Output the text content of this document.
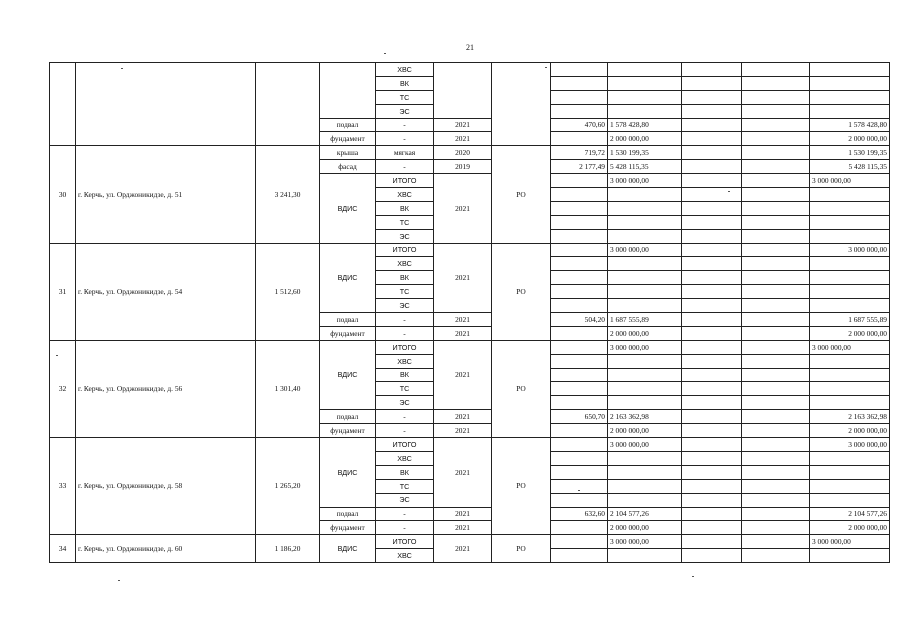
21
				ХВС							
				ВК							
				ТС							
				ЭС							
			подвал	-	2021		470,60	1 578 428,80			1 578 428,80
			фундамент	-	2021			2 000 000,00			2 000 000,00
30	г. Керчь, ул. Орджоникидзе, д. 51	3 241,30	крыша	мягкая	2020	РО	719,72	1 530 199,35			1 530 199,35
			фасад	-	2019		2 177,49	5 428 115,35			5 428 115,35
			ВДИС	ИТОГО	2021			3 000 000,00			3 000 000,00
				ХВС							
				ВК							
				ТС							
				ЭС							
31	г. Керчь, ул. Орджоникидзе, д. 54	1 512,60	ВДИС	ИТОГО	2021	РО		3 000 000,00			3 000 000,00
				ХВС							
				ВК							
				ТС							
				ЭС							
			подвал	-	2021		504,20	1 687 555,89			1 687 555,89
			фундамент	-	2021			2 000 000,00			2 000 000,00
32	г. Керчь, ул. Орджоникидзе, д. 56	1 301,40	ВДИС	ИТОГО	2021	РО		3 000 000,00			3 000 000,00
				ХВС							
				ВК							
				ТС							
				ЭС							
			подвал	-	2021		650,70	2 163 362,98			2 163 362,98
			фундамент	-	2021			2 000 000,00			2 000 000,00
33	г. Керчь, ул. Орджоникидзе, д. 58	1 265,20	ВДИС	ИТОГО	2021	РО		3 000 000,00			3 000 000,00
				ХВС							
				ВК							
				ТС							
				ЭС							
			подвал	-	2021		632,60	2 104 577,26			2 104 577,26
			фундамент	-	2021			2 000 000,00			2 000 000,00
34	г. Керчь, ул. Орджоникидзе, д. 60	1 186,20	ВДИС	ИТОГО	2021	РО		3 000 000,00			3 000 000,00
				ХВС							
